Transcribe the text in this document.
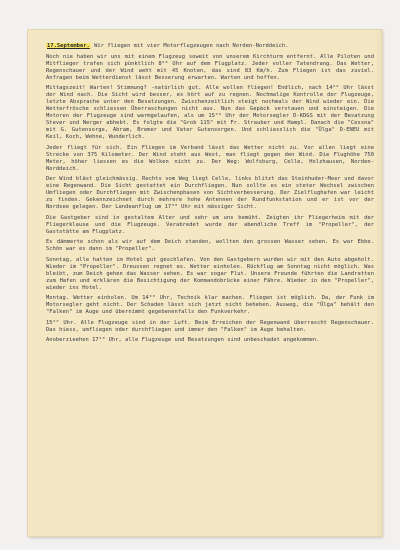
17.September. Wir fliegen mit vier Motorflugzeugen nach Norden-Norddeich.

Noch nie haben wir uns mit einem Flugzeug soweit von unserem Kirchturm entfernt. Alle Piloten und Mitflieger trafen sich pünktlich 8°° Uhr auf dem Flugplatz. Jeder voller Tatendrang. Das Wetter, Regenschauer und der Wind weht mit 45 Knoten, das sind 83 Km/h. Zum Fliegen ist das zuviel. Anfragen beim Wetterdienst lässt Besserung erwarten. Warten und hoffen.

Mittagszeit! Warten! Stimmung? -natürlich gut. Alle wollen fliegen! Endlich, nach 14°° Uhr lässt der Wind nach. Die Sicht wird besser, es hört auf zu regnen. Nochmalige Kontrolle der Flugzeuge, letzte Absprache unter den Besatzungen. Zwischenzeitlich steigt nochmals der Wind wieder ein. Die Wetterfrösche schliessen Überraschungen nicht aus. Nun das Gepäck verstauen und einsteigen. Die Motoren der Flugzeuge sind warmgelaufen, als um 15°° Uhr der Motorsegler D-KDGS mit der Besatzung Stever und Nerger abhebt. Es folgte die "Grob 115" mit Fr. Strauber und Hampl. Danach die "Cessna" mit G. Gutensorge, Abram, Bremer und Vater Gutensorgen. Und schliesslich die "Ülga" D-ENEU mit Keil, Koch, Wehne, Wunderlich.

Jeder fliegt für sich. Ein Fliegen im Verband lässt das Wetter nicht zu. Vor allen liegt eine Strecke von 375 Kilometer. Der Wind steht aus West, man fliegt gegen den Wind. Die Flughöhe 750 Meter, höher liessen es die Wolken nicht zu. Der Weg: Wolfsburg, Celle, Holzhausen, Norden-Norddeich.

Der Wind bläst gleichmässig. Rechts vom Weg liegt Celle, links blitzt das Steinhuder-Meer und davor eine Regenwand. Die Sicht gestattet ein Durchfliegen. Nun sollte es ein steter Wechsel zwischen Umfliegen oder Durchfliegen mit Zwischenphasen von Sichtverbesserung. Der Zielflughafen war leicht zu finden. Gekennzeichnet durch mehrere hohe Antennen der Rundfunkstation und er ist vor der Nordsee gelegen. Der Landeanflug um 17³⁰ Uhr mit mässiger Sicht.

Die Gastgeber sind in gestaltem Alter und sehr um uns bemüht. Zeigten ihr Fliegerheim mit der Fliegerklause und die Flugzeuge. Verabredet wurde der abendliche Treff im "Propeller", der Gaststätte am Flugplatz.

Es dämmerte schon als wir auf dem Deich standen, wollten den grossen Wasser sehen. Es war Ebbe. Schön war es dann im "Propeller".

Sonntag, alle hatten im Hotel gut geschlafen. Von den Gastgebern wurden wir mit den Auto abgeholt. Wieder im "Propeller". Dreussen regnet es. Wetter einholen. Rückflug am Sonntag nicht möglich. Was bleibt, zum Deich gehen das Wasser sehen. Es war sogar Flut. Unsere Freunde führten die Landratten zum Hafen und erklären die Besichtigung der Kommandobrücke einer Fähre. Wieder in den "Propeller", wieder ins Hotel.

Montag. Wetter einholen. Um 14³⁰ Uhr, Technik klar machen. Fliegen ist möglich. Da, der Funk im Motorsegler geht nicht. Der Schaden lässt sich jetzt nicht beheben. Ausweg, die "Ülga" behält den "Falken" im Auge und übernimmt gegebenenfalls den Funkverkehr.

15°° Uhr. Alle Flugzeuge sind in der Luft. Beim Erreichen der Regenwand überrascht Regenschauer. Das hiess, umfliegen oder durchfliegen und immer den "Falken" im Auge behalten.

Anoberzieehen 17²⁰ Uhr, alle Flugzeuge und Besatzungen sind unbeschadet angekommen.
